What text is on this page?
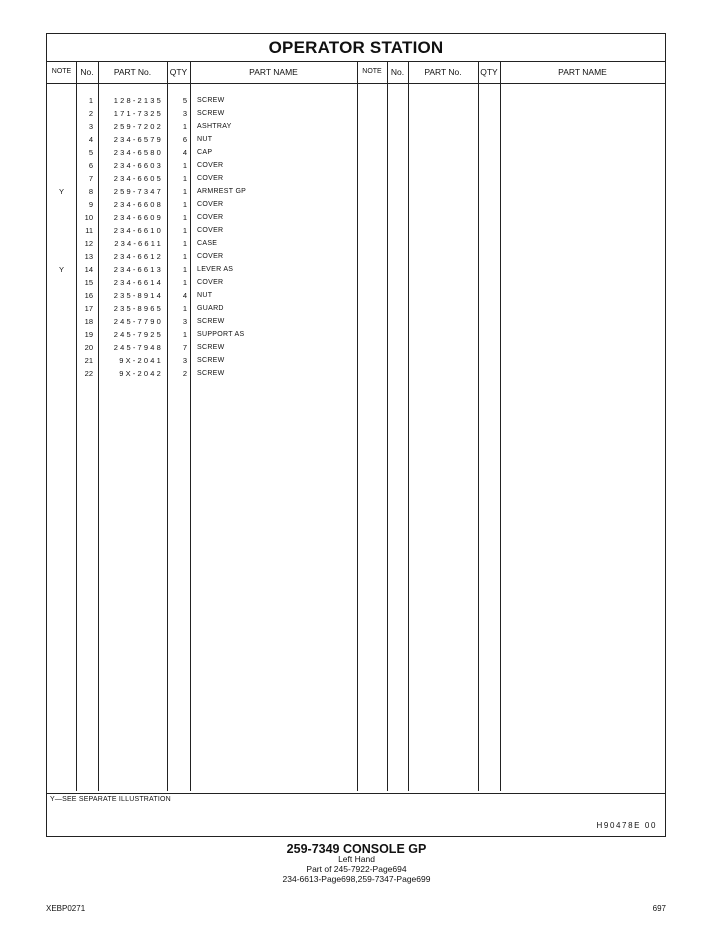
OPERATOR STATION
NOTE	No.	PART No.	QTY	PART NAME	NOTE	No.	PART No.	QTY	PART NAME
1	128-2135	5 SCREW
2	171-7325	3 SCREW
3	259-7202	1 ASHTRAY
4	234-6579	6 NUT
5	234-6580	4 CAP
6	234-6603	1 COVER
7	234-6605	1 COVER
Y	8	259-7347	1 ARMREST GP
9	234-6608	1 COVER
10	234-6609	1 COVER
11	234-6610	1 COVER
12	234-6611	1 CASE
13	234-6612	1 COVER
Y	14	234-6613	1 LEVER AS
15	234-6614	1 COVER
16	235-8914	4 NUT
17	235-8965	1 GUARD
18	245-7790	3 SCREW
19	245-7925	1 SUPPORT AS
20	245-7948	7 SCREW
21	9X-2041	3 SCREW
22	9X-2042	2 SCREW
Y—SEE SEPARATE ILLUSTRATION
H90478E 00
259-7349 CONSOLE GP
Left Hand
Part of 245-7922-Page694
234-6613-Page698,259-7347-Page699
XEBP0271	697
